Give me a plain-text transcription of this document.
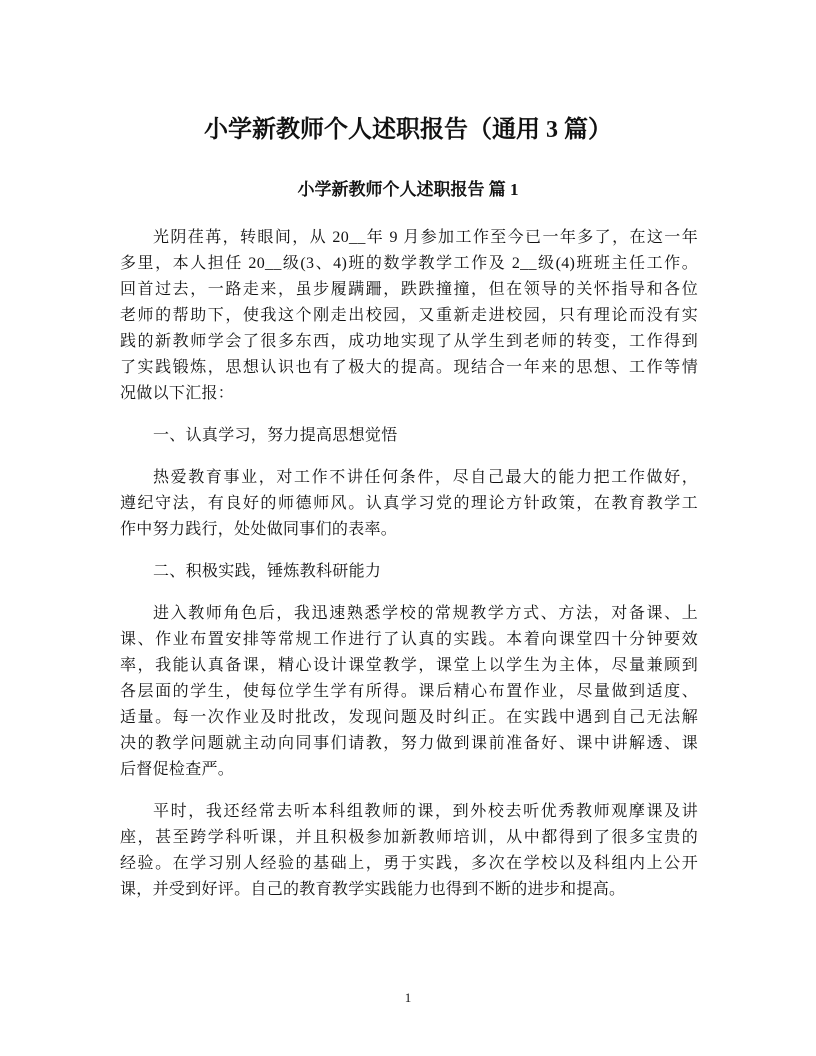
小学新教师个人述职报告（通用 3 篇）
小学新教师个人述职报告 篇 1
光阴荏苒，转眼间，从 20__年 9 月参加工作至今已一年多了，在这一年
多里，本人担任 20__级(3、4)班的数学教学工作及 2__级(4)班班主任工作。
回首过去，一路走来，虽步履蹒跚，跌跌撞撞，但在领导的关怀指导和各位
老师的帮助下，使我这个刚走出校园，又重新走进校园，只有理论而没有实
践的新教师学会了很多东西，成功地实现了从学生到老师的转变，工作得到
了实践锻炼，思想认识也有了极大的提高。现结合一年来的思想、工作等情
况做以下汇报：
一、认真学习，努力提高思想觉悟
热爱教育事业，对工作不讲任何条件，尽自己最大的能力把工作做好，
遵纪守法，有良好的师德师风。认真学习党的理论方针政策，在教育教学工
作中努力践行，处处做同事们的表率。
二、积极实践，锤炼教科研能力
进入教师角色后，我迅速熟悉学校的常规教学方式、方法，对备课、上
课、作业布置安排等常规工作进行了认真的实践。本着向课堂四十分钟要效
率，我能认真备课，精心设计课堂教学，课堂上以学生为主体，尽量兼顾到
各层面的学生，使每位学生学有所得。课后精心布置作业，尽量做到适度、
适量。每一次作业及时批改，发现问题及时纠正。在实践中遇到自己无法解
决的教学问题就主动向同事们请教，努力做到课前准备好、课中讲解透、课
后督促检查严。
平时，我还经常去听本科组教师的课，到外校去听优秀教师观摩课及讲
座，甚至跨学科听课，并且积极参加新教师培训，从中都得到了很多宝贵的
经验。在学习别人经验的基础上，勇于实践，多次在学校以及科组内上公开
课，并受到好评。自己的教育教学实践能力也得到不断的进步和提高。
1
